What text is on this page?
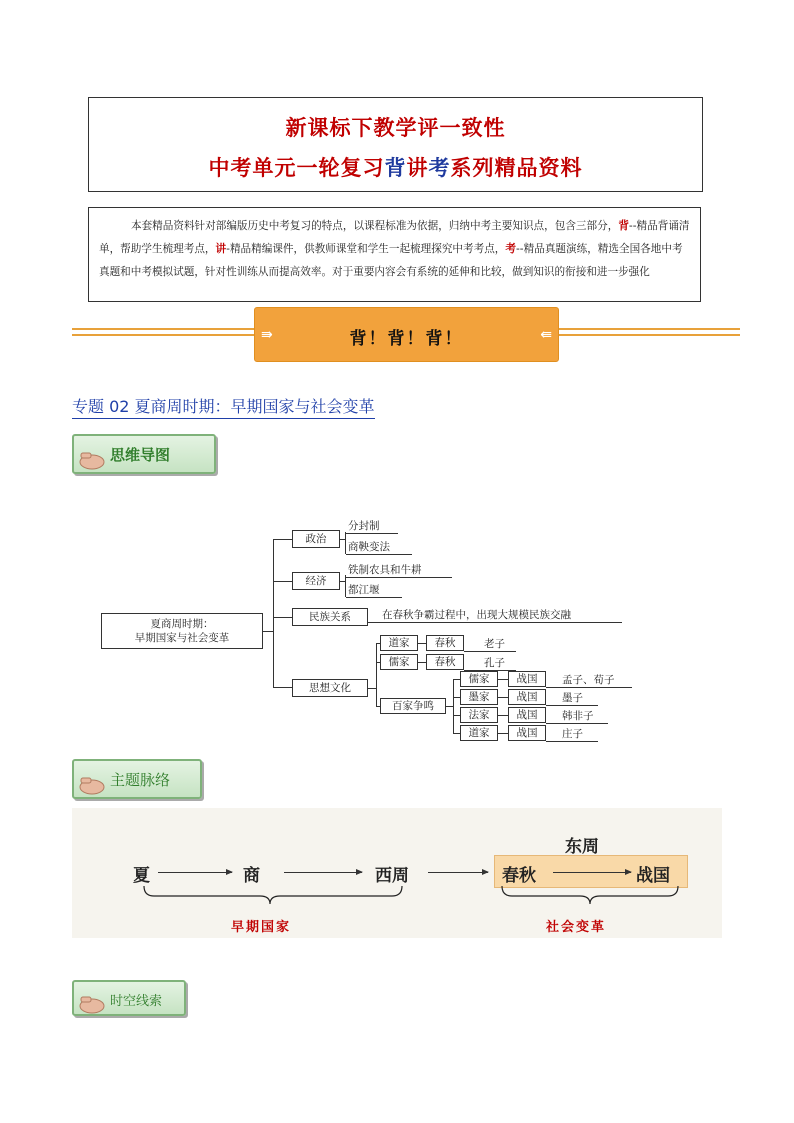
新课标下教学评一致性
中考单元一轮复习背讲考系列精品资料
本套精品资料针对部编版历史中考复习的特点，以课程标准为依据，归纳中考主要知识点，包含三部分，背--精品背诵清单，帮助学生梳理考点，讲-精品精编课件，供教师课堂和学生一起梳理探究中考考点，考--精品真题演练，精选全国各地中考真题和中考模拟试题，针对性训练从而提高效率。对于重要内容会有系统的延伸和比较，做到知识的衔接和进一步强化
⇛	背！背！背！	⇚
专题 02 夏商周时期：早期国家与社会变革
思维导图
夏商周时期：
早期国家与社会变革
政治
分封制
商鞅变法
经济
铁制农具和牛耕
都江堰
民族关系	在春秋争霸过程中，出现大规模民族交融
思想文化
道家	春秋	老子
儒家	春秋	孔子
百家争鸣
儒家	战国	孟子、荀子
墨家	战国	墨子
法家	战国	韩非子
道家	战国	庄子
主题脉络
夏	商	西周
东周
春秋	战国
早期国家	社会变革
时空线索
